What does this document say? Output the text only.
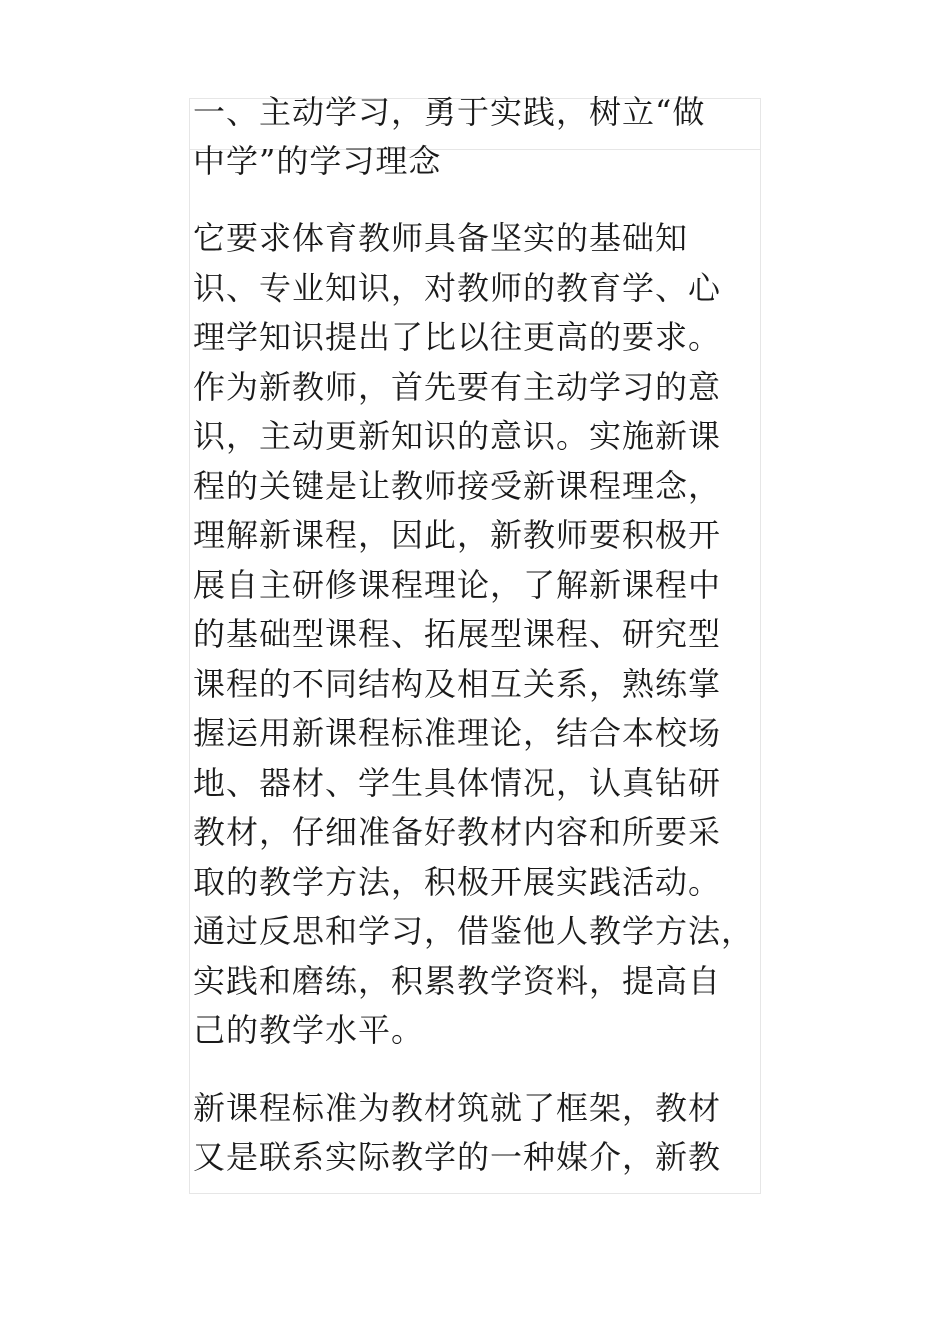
一、主动学习，勇于实践，树立“做
中学”的学习理念

它要求体育教师具备坚实的基础知
识、专业知识，对教师的教育学、心
理学知识提出了比以往更高的要求。
作为新教师，首先要有主动学习的意
识，主动更新知识的意识。实施新课
程的关键是让教师接受新课程理念，
理解新课程，因此，新教师要积极开
展自主研修课程理论，了解新课程中
的基础型课程、拓展型课程、研究型
课程的不同结构及相互关系，熟练掌
握运用新课程标准理论，结合本校场
地、器材、学生具体情况，认真钻研
教材，仔细准备好教材内容和所要采
取的教学方法，积极开展实践活动。
通过反思和学习，借鉴他人教学方法，
实践和磨练，积累教学资料，提高自
己的教学水平。

新课程标准为教材筑就了框架，教材
又是联系实际教学的一种媒介，新教
